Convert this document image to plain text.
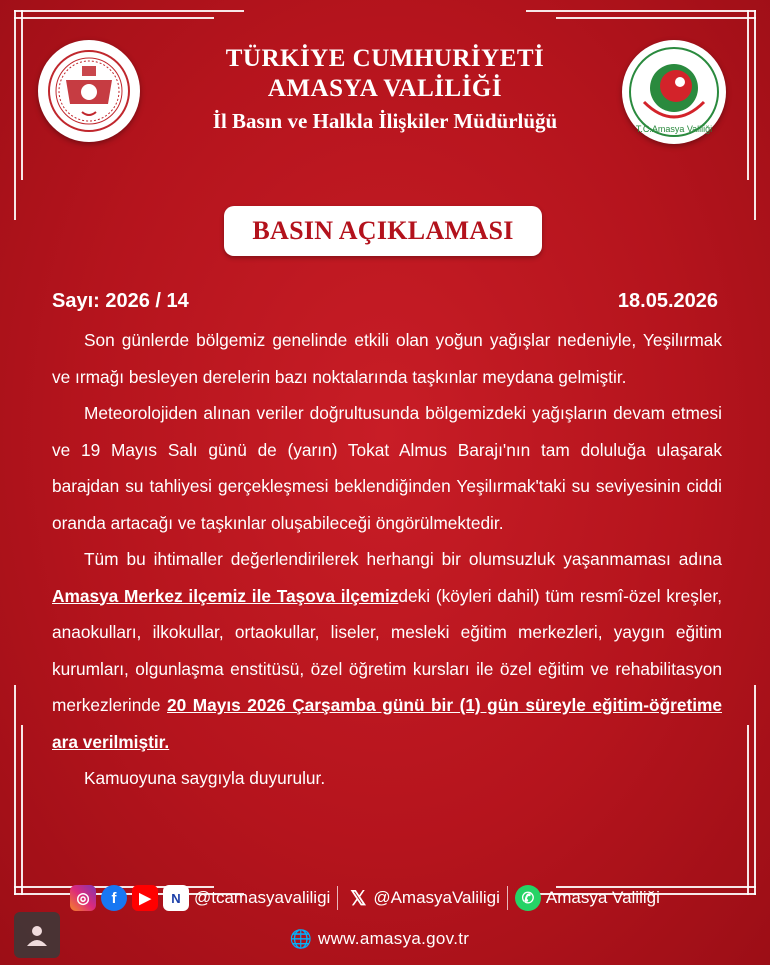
T.C.Amasya Valiliği
TÜRKİYE CUMHURİYETİ
AMASYA VALİLİĞİ
İl Basın ve Halkla İlişkiler Müdürlüğü
BASIN AÇIKLAMASI
Sayı: 2026 / 14	18.05.2026

Son günlerde bölgemiz genelinde etkili olan yoğun yağışlar nedeniyle, Yeşilırmak ve ırmağı besleyen derelerin bazı noktalarında taşkınlar meydana gelmiştir.

Meteorolojiden alınan veriler doğrultusunda bölgemizdeki yağışların devam etmesi ve 19 Mayıs Salı günü de (yarın) Tokat Almus Barajı'nın tam doluluğa ulaşarak barajdan su tahliyesi gerçekleşmesi beklendiğinden Yeşilırmak'taki su seviyesinin ciddi oranda artacağı ve taşkınlar oluşabileceği öngörülmektedir.

Tüm bu ihtimaller değerlendirilerek herhangi bir olumsuzluk yaşanmaması adına Amasya Merkez ilçemiz ile Taşova ilçemizdeki (köyleri dahil) tüm resmî-özel kreşler, anaokulları, ilkokullar, ortaokullar, liseler, mesleki eğitim merkezleri, yaygın eğitim kurumları, olgunlaşma enstitüsü, özel öğretim kursları ile özel eğitim ve rehabilitasyon merkezlerinde 20 Mayıs 2026 Çarşamba günü bir (1) gün süreyle eğitim-öğretime ara verilmiştir.

Kamuoyuna saygıyla duyurulur.

◎	f	▶	N @tcamasyavaliligi 𝕏 @AmasyaValiligi	✆ Amasya Valiliği
🌐 www.amasya.gov.tr
